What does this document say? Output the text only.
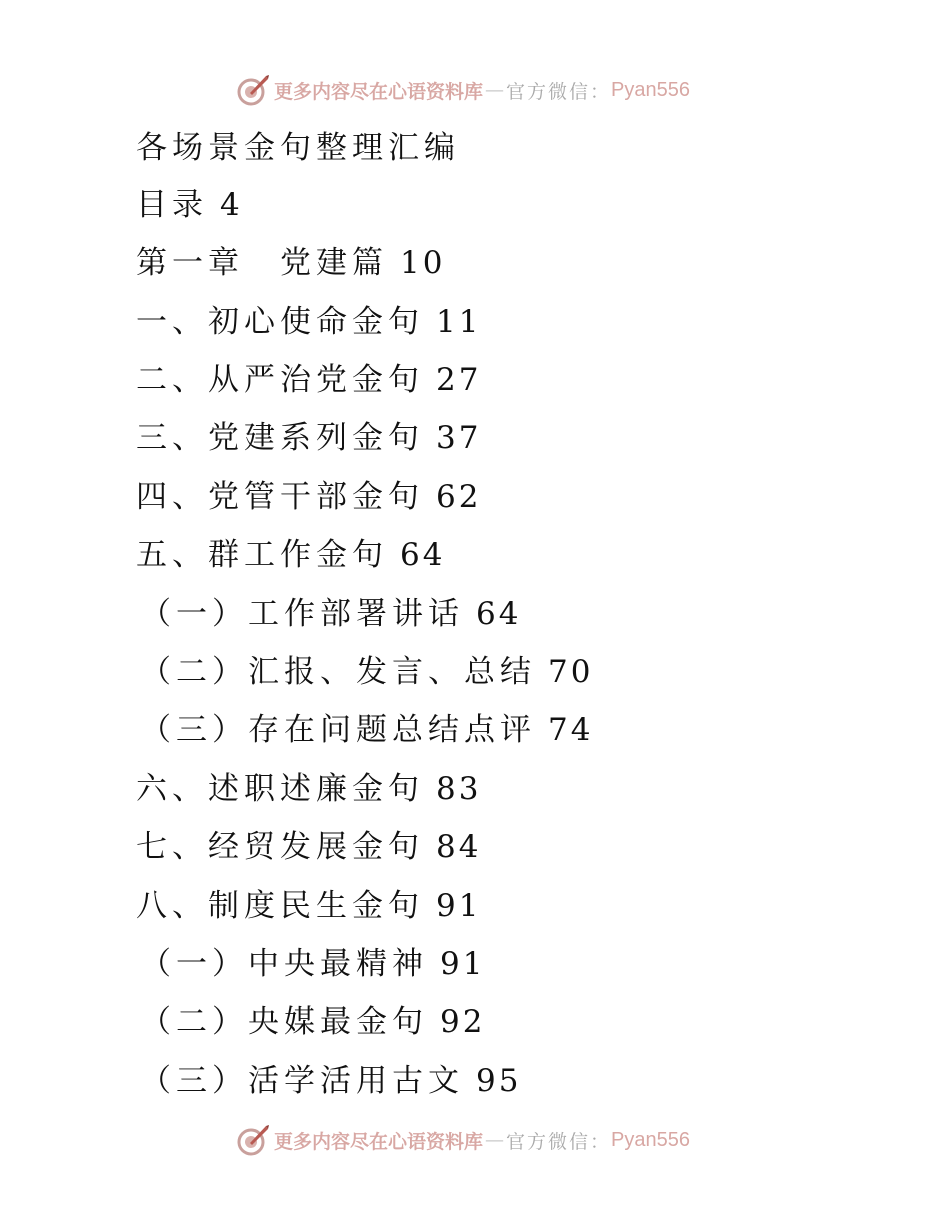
更多内容尽在心语资料库 — 官方微信： Pyan556
各场景金句整理汇编
目录 4
第一章　党建篇 10
一、初心使命金句 11
二、从严治党金句 27
三、党建系列金句 37
四、党管干部金句 62
五、群工作金句 64
（一）工作部署讲话 64
（二）汇报、发言、总结 70
（三）存在问题总结点评 74
六、述职述廉金句 83
七、经贸发展金句 84
八、制度民生金句 91
（一）中央最精神 91
（二）央媒最金句 92
（三）活学活用古文 95
更多内容尽在心语资料库 — 官方微信： Pyan556
